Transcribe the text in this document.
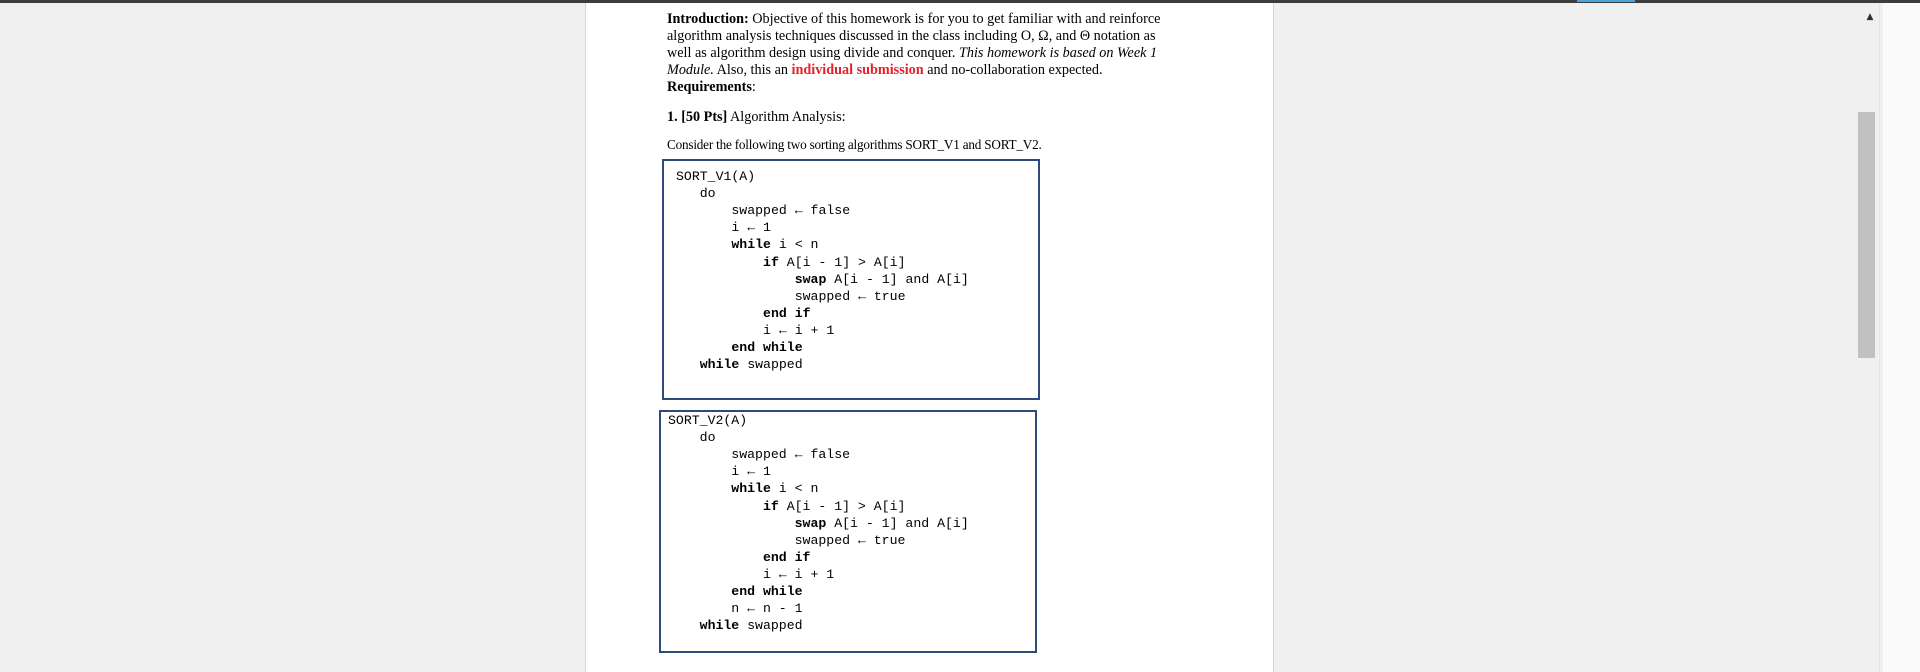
Introduction: Objective of this homework is for you to get familiar with and reinforce

algorithm analysis techniques discussed in the class including O, Ω, and Θ notation as

well as algorithm design using divide and conquer. This homework is based on Week 1

Module. Also, this an individual submission and no-collaboration expected.

Requirements:

1. [50 Pts] Algorithm Analysis:
Consider the following two sorting algorithms SORT_V1 and SORT_V2.
SORT_V1(A)
do
swapped ← false
i ← 1
while i < n
if A[i - 1] > A[i]
swap A[i - 1] and A[i]
swapped ← true
end if
i ← i + 1
end while
while swapped
SORT_V2(A)
do
swapped ← false
i ← 1
while i < n
if A[i - 1] > A[i]
swap A[i - 1] and A[i]
swapped ← true
end if
i ← i + 1
end while
n ← n - 1
while swapped
▲
